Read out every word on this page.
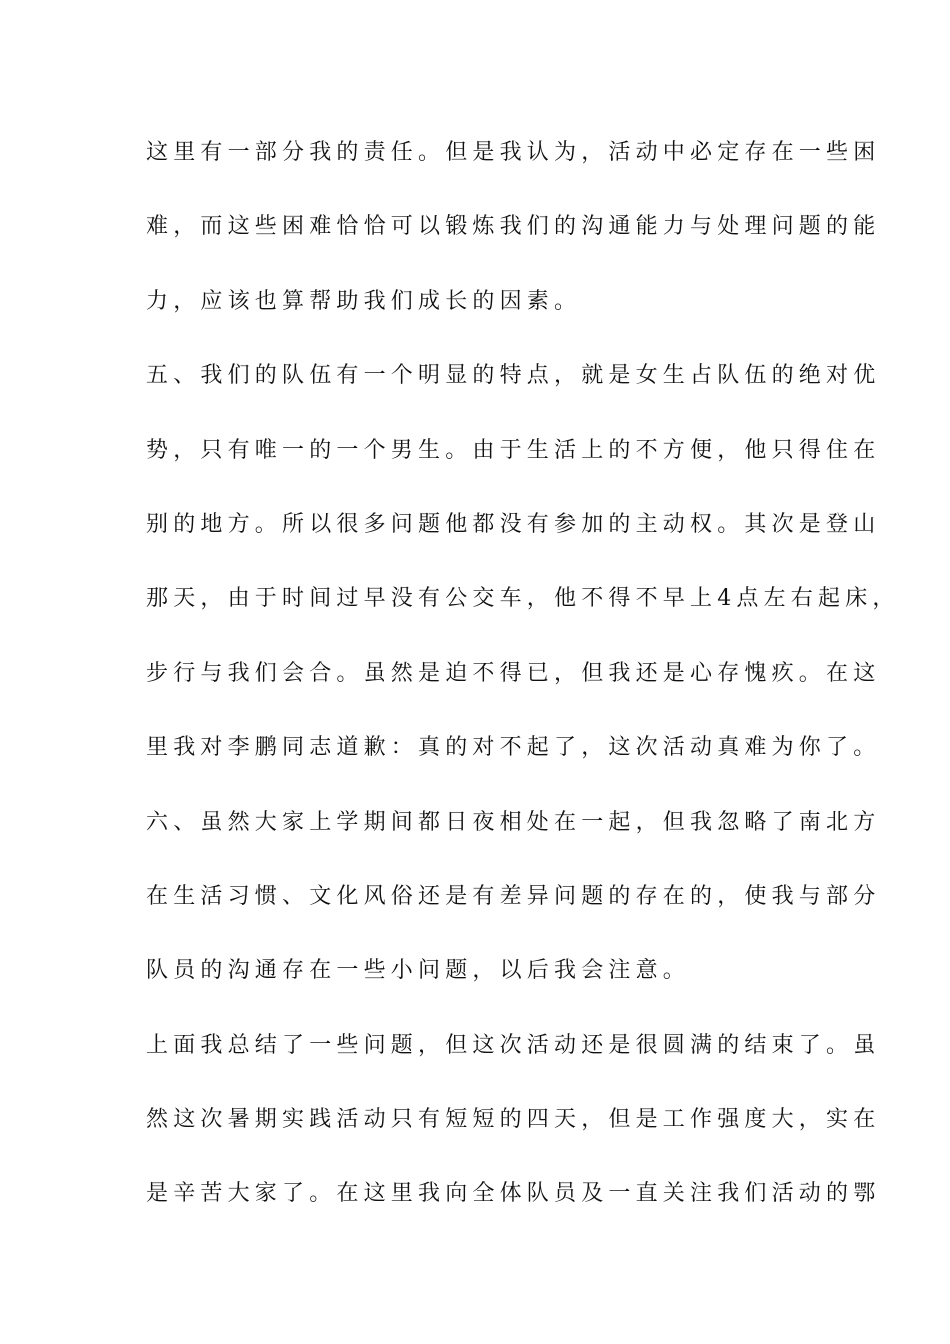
这里有一部分我的责任。但是我认为，活动中必定存在一些困
难，而这些困难恰恰可以锻炼我们的沟通能力与处理问题的能
力，应该也算帮助我们成长的因素。
五、我们的队伍有一个明显的特点，就是女生占队伍的绝对优
势，只有唯一的一个男生。由于生活上的不方便，他只得住在
别的地方。所以很多问题他都没有参加的主动权。其次是登山
那天，由于时间过早没有公交车，他不得不早上4点左右起床，
步行与我们会合。虽然是迫不得已，但我还是心存愧疚。在这
里我对李鹏同志道歉：真的对不起了，这次活动真难为你了。
六、虽然大家上学期间都日夜相处在一起，但我忽略了南北方
在生活习惯、文化风俗还是有差异问题的存在的，使我与部分
队员的沟通存在一些小问题，以后我会注意。
上面我总结了一些问题，但这次活动还是很圆满的结束了。虽
然这次暑期实践活动只有短短的四天，但是工作强度大，实在
是辛苦大家了。在这里我向全体队员及一直关注我们活动的鄂
